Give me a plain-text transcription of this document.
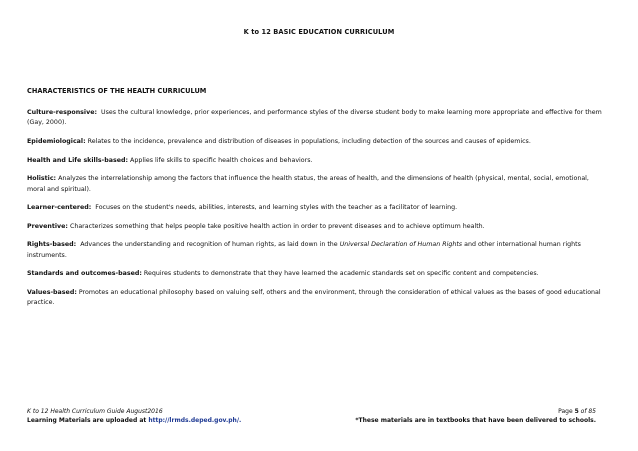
K to 12 BASIC EDUCATION CURRICULUM
CHARACTERISTICS OF THE HEALTH CURRICULUM
Culture-responsive: Uses the cultural knowledge, prior experiences, and performance styles of the diverse student body to make learning more appropriate and effective for them (Gay, 2000).
Epidemiological: Relates to the incidence, prevalence and distribution of diseases in populations, including detection of the sources and causes of epidemics.
Health and Life skills-based: Applies life skills to specific health choices and behaviors.
Holistic: Analyzes the interrelationship among the factors that influence the health status, the areas of health, and the dimensions of health (physical, mental, social, emotional, moral and spiritual).
Learner-centered: Focuses on the student's needs, abilities, interests, and learning styles with the teacher as a facilitator of learning.
Preventive: Characterizes something that helps people take positive health action in order to prevent diseases and to achieve optimum health.
Rights-based: Advances the understanding and recognition of human rights, as laid down in the Universal Declaration of Human Rights and other international human rights instruments.
Standards and outcomes-based: Requires students to demonstrate that they have learned the academic standards set on specific content and competencies.
Values-based: Promotes an educational philosophy based on valuing self, others and the environment, through the consideration of ethical values as the bases of good educational practice.
K to 12 Health Curriculum Guide August2016
Learning Materials are uploaded at http://lrmds.deped.gov.ph/.
Page 5 of 85
*These materials are in textbooks that have been delivered to schools.
